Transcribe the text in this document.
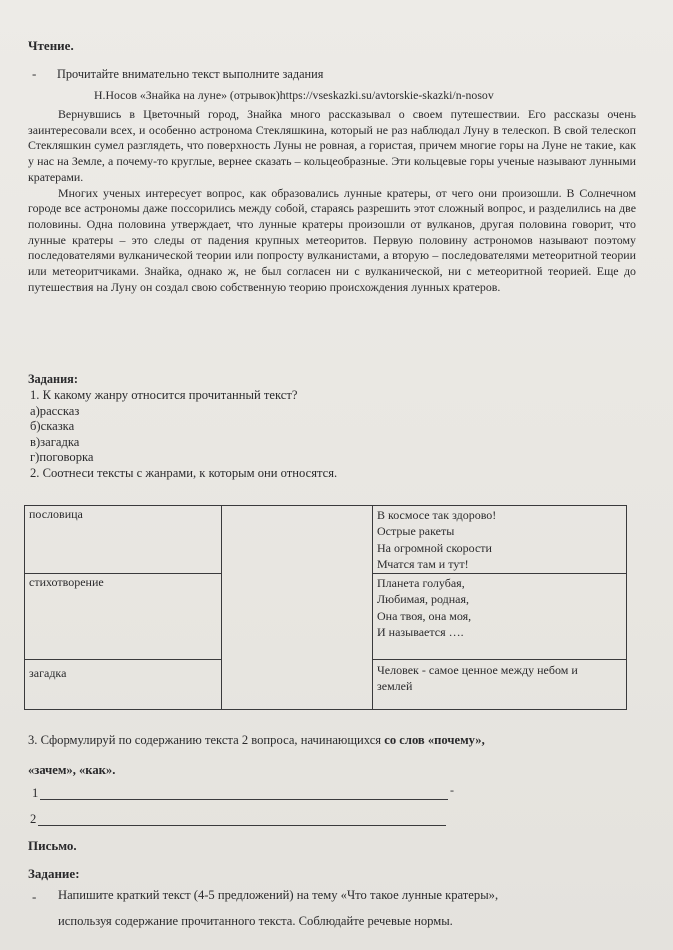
Чтение.
- Прочитайте внимательно текст выполните задания
Н.Носов «Знайка на луне» (отрывок)https://vseskazki.su/avtorskie-skazki/n-nosov

Вернувшись в Цветочный город, Знайка много рассказывал о своем путешествии. Его рассказы очень заинтересовали всех, и особенно астронома Стекляшкина, который не раз наблюдал Луну в телескоп. В свой телескоп Стекляшкин сумел разглядеть, что поверхность Луны не ровная, а гористая, причем многие горы на Луне не такие, как у нас на Земле, а почему-то круглые, вернее сказать – кольцеобразные. Эти кольцевые горы ученые называют лунными кратерами.

Многих ученых интересует вопрос, как образовались лунные кратеры, от чего они произошли. В Солнечном городе все астрономы даже поссорились между собой, стараясь разрешить этот сложный вопрос, и разделились на две половины. Одна половина утверждает, что лунные кратеры произошли от вулканов, другая половина говорит, что лунные кратеры – это следы от падения крупных метеоритов. Первую половину астрономов называют поэтому последователями вулканической теории или попросту вулканистами, а вторую – последователями метеоритной теории или метеоритчиками. Знайка, однако ж, не был согласен ни с вулканической, ни с метеоритной теорией. Еще до путешествия на Луну он создал свою собственную теорию происхождения лунных кратеров.

Задания:
1. К какому жанру относится прочитанный текст?
а)рассказ
б)сказка
в)загадка
г)поговорка
2. Соотнеси тексты с жанрами, к которым они относятся.
пословица		В космосе так здорово!
Острые ракеты
На огромной скорости
Мчатся там и тут!

стихотворение		Планета голубая,
Любимая, родная,
Она твоя, она моя,
И называется ….

загадка		Человек - самое ценное между небом и
землей
3. Сформулируй по содержанию текста 2 вопроса, начинающихся со слов «почему»,
«зачем», «как».
1	-
2
Письмо.
Задание:
- Напишите краткий текст (4-5 предложений) на тему «Что такое лунные кратеры»,
используя содержание прочитанного текста. Соблюдайте речевые нормы.
